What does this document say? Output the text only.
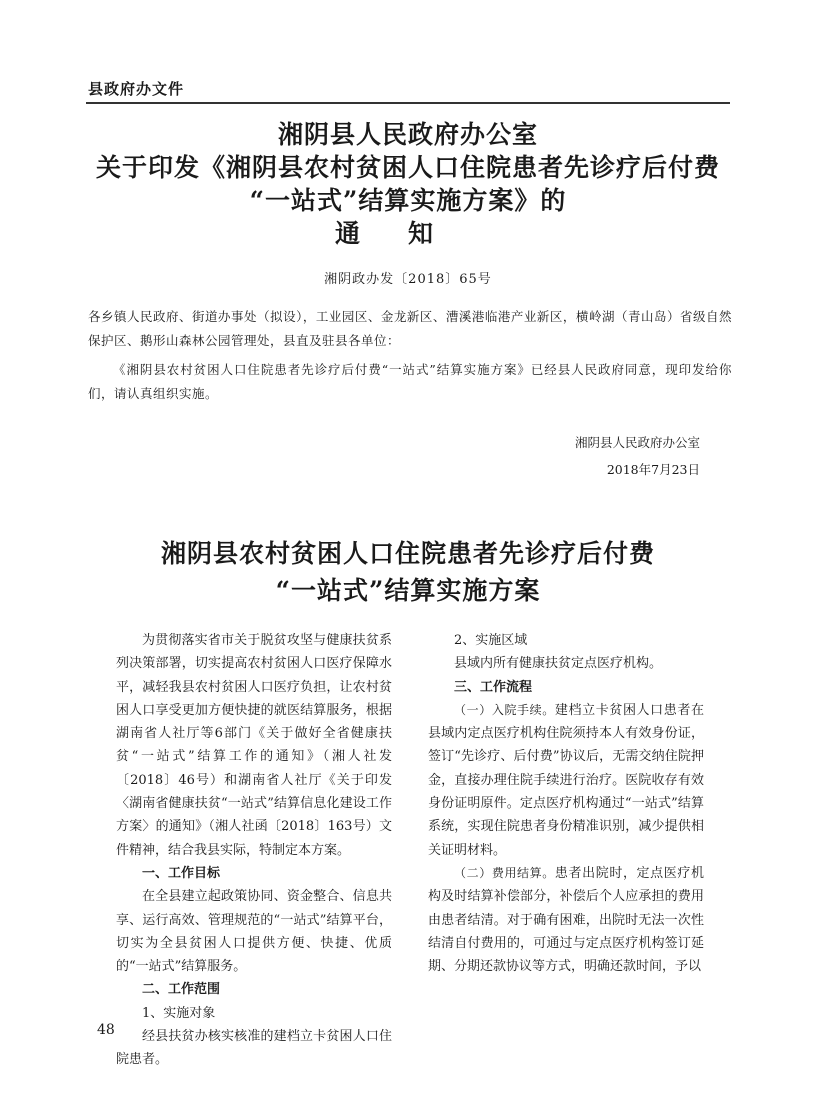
县政府办文件
湘阴县人民政府办公室
关于印发《湘阴县农村贫困人口住院患者先诊疗后付费
“一站式”结算实施方案》的
通知
湘阴政办发〔2018〕65号
各乡镇人民政府、街道办事处（拟设），工业园区、金龙新区、漕溪港临港产业新区，横岭湖（青山岛）省级自然保护区、鹅形山森林公园管理处，县直及驻县各单位：
《湘阴县农村贫困人口住院患者先诊疗后付费“一站式”结算实施方案》已经县人民政府同意，现印发给你们，请认真组织实施。
湘阴县人民政府办公室
2018年7月23日
湘阴县农村贫困人口住院患者先诊疗后付费
“一站式”结算实施方案

为贯彻落实省市关于脱贫攻坚与健康扶贫系列决策部署，切实提高农村贫困人口医疗保障水平，减轻我县农村贫困人口医疗负担，让农村贫困人口享受更加方便快捷的就医结算服务，根据湖南省人社厅等6部门《关于做好全省健康扶贫“一站式”结算工作的通知》（湘人社发〔2018〕46号）和湖南省人社厅《关于印发〈湖南省健康扶贫“一站式”结算信息化建设工作方案〉的通知》（湘人社函〔2018〕163号）文件精神，结合我县实际，特制定本方案。

一、工作目标

在全县建立起政策协同、资金整合、信息共享、运行高效、管理规范的“一站式”结算平台，切实为全县贫困人口提供方便、快捷、优质的“一站式”结算服务。

二、工作范围

1、实施对象

经县扶贫办核实核准的建档立卡贫困人口住院患者。

2、实施区域

县域内所有健康扶贫定点医疗机构。

三、工作流程

（一）入院手续。建档立卡贫困人口患者在县域内定点医疗机构住院须持本人有效身份证，签订“先诊疗、后付费”协议后，无需交纳住院押金，直接办理住院手续进行治疗。医院收存有效身份证明原件。定点医疗机构通过“一站式”结算系统，实现住院患者身份精准识别，减少提供相关证明材料。

（二）费用结算。患者出院时，定点医疗机构及时结算补偿部分，补偿后个人应承担的费用由患者结清。对于确有困难，出院时无法一次性结清自付费用的，可通过与定点医疗机构签订延期、分期还款协议等方式，明确还款时间，予以

48
